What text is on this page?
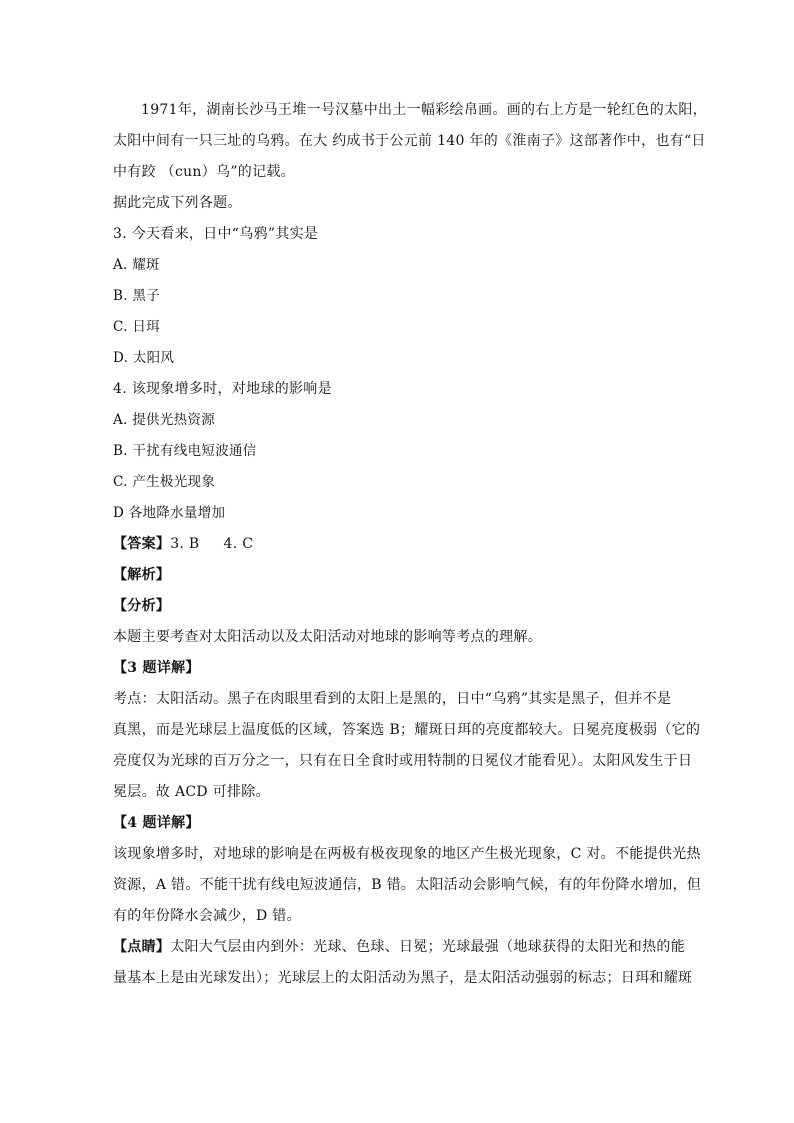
1971年，湖南长沙马王堆一号汉墓中出土一幅彩绘帛画。画的右上方是一轮红色的太阳，
太阳中间有一只三址的乌鸦。在大 约成书于公元前 140 年的《淮南子》这部著作中，也有“日
中有跤 （cun）乌”的记载。
据此完成下列各题。
3. 今天看来，日中“乌鸦”其实是
A. 耀斑
B. 黑子
C. 日珥
D. 太阳风
4. 该现象增多时，对地球的影响是
A. 提供光热资源
B. 干扰有线电短波通信
C. 产生极光现象
D 各地降水量增加
【答案】3. B 4. C
【解析】
【分析】
本题主要考查对太阳活动以及太阳活动对地球的影响等考点的理解。
【3 题详解】
考点：太阳活动。黑子在肉眼里看到的太阳上是黑的，日中“乌鸦”其实是黑子，但并不是
真黑，而是光球层上温度低的区域，答案选 B；耀斑日珥的亮度都较大。日冕亮度极弱（它的
亮度仅为光球的百万分之一，只有在日全食时或用特制的日冕仪才能看见）。太阳风发生于日
冕层。故 ACD 可排除。
【4 题详解】
该现象增多时，对地球的影响是在两极有极夜现象的地区产生极光现象，C 对。不能提供光热
资源，A 错。不能干扰有线电短波通信，B 错。太阳活动会影响气候，有的年份降水增加，但
有的年份降水会减少，D 错。
【点睛】太阳大气层由内到外：光球、色球、日冕；光球最强（地球获得的太阳光和热的能
量基本上是由光球发出）；光球层上的太阳活动为黑子，是太阳活动强弱的标志；日珥和耀斑
